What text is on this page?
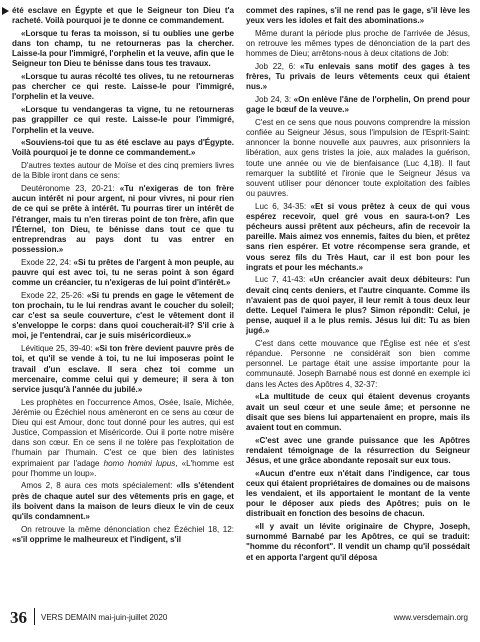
été esclave en Égypte et que le Seigneur ton Dieu t'a racheté. Voilà pourquoi je te donne ce commandement.

«Lorsque tu feras ta moisson, si tu oublies une gerbe dans ton champ, tu ne retourneras pas la chercher. Laisse-la pour l'immigré, l'orphelin et la veuve, afin que le Seigneur ton Dieu te bénisse dans tous tes travaux.

«Lorsque tu auras récolté tes olives, tu ne retourneras pas chercher ce qui reste. Laisse-le pour l'immigré, l'orphelin et la veuve.

«Lorsque tu vendangeras ta vigne, tu ne retourneras pas grappiller ce qui reste. Laisse-le pour l'immigré, l'orphelin et la veuve.

«Souviens-toi que tu as été esclave au pays d'Égypte. Voilà pourquoi je te donne ce commandement.»

D'autres textes autour de Moïse et des cinq premiers livres de la Bible iront dans ce sens:

Deutéronome 23, 20-21: «Tu n'exigeras de ton frère aucun intérêt ni pour argent, ni pour vivres, ni pour rien de ce qui se prête à intérêt. Tu pourras tirer un intérêt de l'étranger, mais tu n'en tireras point de ton frère, afin que l'Éternel, ton Dieu, te bénisse dans tout ce que tu entreprendras au pays dont tu vas entrer en possession.»

Exode 22, 24: «Si tu prêtes de l'argent à mon peuple, au pauvre qui est avec toi, tu ne seras point à son égard comme un créancier, tu n'exigeras de lui point d'intérêt.»

Exode 22, 25-26: «Si tu prends en gage le vêtement de ton prochain, tu le lui rendras avant le coucher du soleil; car c'est sa seule couverture, c'est le vêtement dont il s'enveloppe le corps: dans quoi coucherait-il? S'il crie à moi, je l'entendrai, car je suis miséricordieux.»

Lévitique 25, 39-40: «Si ton frère devient pauvre près de toi, et qu'il se vende à toi, tu ne lui imposeras point le travail d'un esclave. Il sera chez toi comme un mercenaire, comme celui qui y demeure; il sera à ton service jusqu'à l'année du jubilé.»

Les prophètes en l'occurrence Amos, Osée, Isaïe, Michée, Jérémie ou Ézéchiel nous amèneront en ce sens au cœur de Dieu qui est Amour, donc tout donné pour les autres, qui est Justice, Compassion et Miséricorde. Oui il porte notre misère dans son cœur. En ce sens il ne tolère pas l'exploitation de l'humain par l'humain. C'est ce que bien des latinistes exprimaient par l'adage homo homini lupus, «L'homme est pour l'homme un loup».

Amos 2, 8 aura ces mots spécialement: «Ils s'étendent près de chaque autel sur des vêtements pris en gage, et ils boivent dans la maison de leurs dieux le vin de ceux qu'ils condamnent.»

On retrouve la même dénonciation chez Ézéchiel 18, 12: «s'il opprime le malheureux et l'indigent, s'il

commet des rapines, s'il ne rend pas le gage, s'il lève les yeux vers les idoles et fait des abominations.»

Même durant la période plus proche de l'arrivée de Jésus, on retrouve les mêmes types de dénonciation de la part des hommes de Dieu; arrêtons-nous à deux citations de Job:

Job 22, 6: «Tu enlevais sans motif des gages à tes frères, Tu privais de leurs vêtements ceux qui étaient nus.»

Job 24, 3: «On enlève l'âne de l'orphelin, On prend pour gage le bœuf de la veuve.»

C'est en ce sens que nous pouvons comprendre la mission confiée au Seigneur Jésus, sous l'impulsion de l'Esprit-Saint: annoncer la bonne nouvelle aux pauvres, aux prisonniers la libération, aux gens tristes la joie, aux malades la guérison, toute une année ou vie de bienfaisance (Luc 4,18). Il faut remarquer la subtilité et l'ironie que le Seigneur Jésus va souvent utiliser pour dénoncer toute exploitation des faibles ou pauvres.

Luc 6, 34-35: «Et si vous prêtez à ceux de qui vous espérez recevoir, quel gré vous en saura-t-on? Les pécheurs aussi prêtent aux pécheurs, afin de recevoir la pareille. Mais aimez vos ennemis, faites du bien, et prêtez sans rien espérer. Et votre récompense sera grande, et vous serez fils du Très Haut, car il est bon pour les ingrats et pour les méchants.»

Luc 7, 41-43: «Un créancier avait deux débiteurs: l'un devait cinq cents deniers, et l'autre cinquante. Comme ils n'avaient pas de quoi payer, il leur remit à tous deux leur dette. Lequel l'aimera le plus? Simon répondit: Celui, je pense, auquel il a le plus remis. Jésus lui dit: Tu as bien jugé.»

C'est dans cette mouvance que l'Église est née et s'est répandue. Personne ne considérait son bien comme personnel. Le partage était une assise importante pour la communauté. Joseph Barnabé nous est donné en exemple ici dans les Actes des Apôtres 4, 32-37:

«La multitude de ceux qui étaient devenus croyants avait un seul cœur et une seule âme; et personne ne disait que ses biens lui appartenaient en propre, mais ils avaient tout en commun.

«C'est avec une grande puissance que les Apôtres rendaient témoignage de la résurrection du Seigneur Jésus, et une grâce abondante reposait sur eux tous.

«Aucun d'entre eux n'était dans l'indigence, car tous ceux qui étaient propriétaires de domaines ou de maisons les vendaient, et ils apportaient le montant de la vente pour le déposer aux pieds des Apôtres; puis on le distribuait en fonction des besoins de chacun.

«Il y avait un lévite originaire de Chypre, Joseph, surnommé Barnabé par les Apôtres, ce qui se traduit: "homme du réconfort". Il vendit un champ qu'il possédait et en apporta l'argent qu'il déposa

36 VERS DEMAIN mai-juin-juillet 2020	www.versdemain.org
